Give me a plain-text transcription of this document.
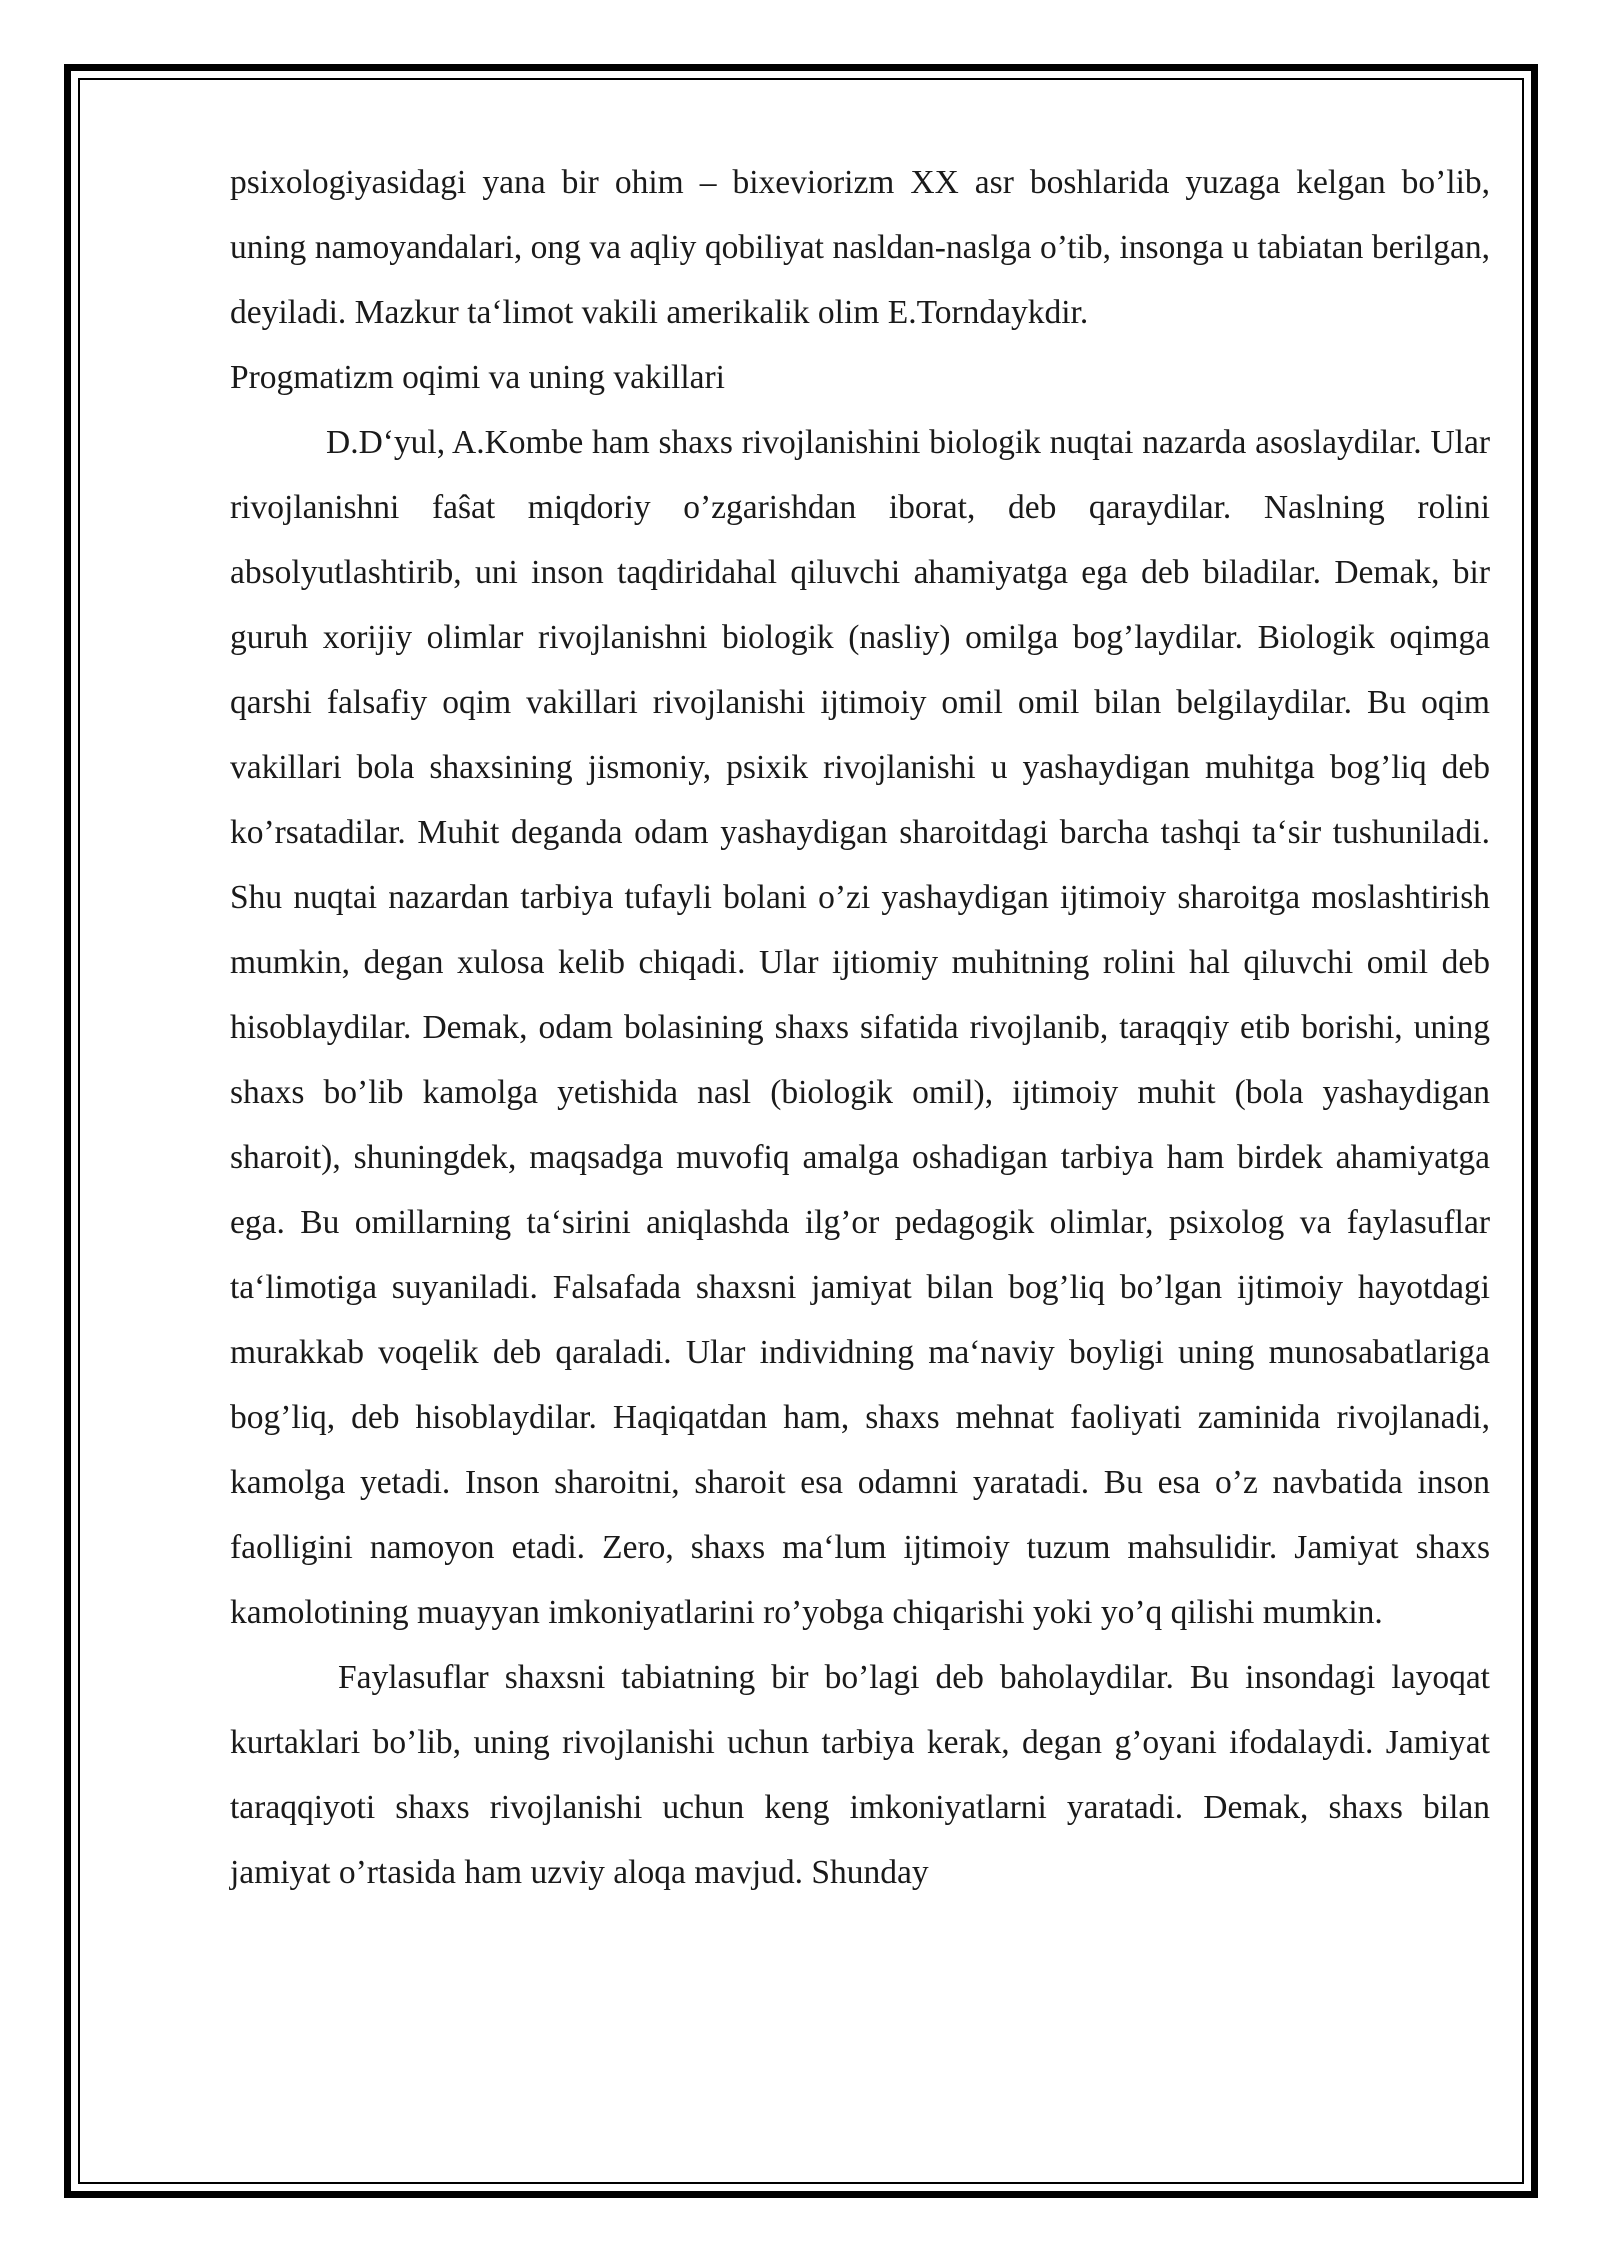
psixologiyasidagi yana bir ohim – bixeviorizm XX asr boshlarida yuzaga kelgan bo’lib, uning namoyandalari, ong va aqliy qobiliyat nasldan-naslga o’tib, insonga u tabiatan berilgan, deyiladi. Mazkur ta‘limot vakili amerikalik olim E.Torndaykdir.
Progmatizm oqimi va uning vakillari

D.D‘yul, A.Kombe ham shaxs rivojlanishini biologik nuqtai nazarda asoslaydilar. Ular rivojlanishni faŝat miqdoriy o’zgarishdan iborat, deb qaraydilar. Naslning rolini absolyutlashtirib, uni inson taqdiridahal qiluvchi ahamiyatga ega deb biladilar. Demak, bir guruh xorijiy olimlar rivojlanishni biologik (nasliy) omilga bog’laydilar. Biologik oqimga qarshi falsafiy oqim vakillari rivojlanishi ijtimoiy omil omil bilan belgilaydilar. Bu oqim vakillari bola shaxsining jismoniy, psixik rivojlanishi u yashaydigan muhitga bog’liq deb ko’rsatadilar. Muhit deganda odam yashaydigan sharoitdagi barcha tashqi ta‘sir tushuniladi. Shu nuqtai nazardan tarbiya tufayli bolani o’zi yashaydigan ijtimoiy sharoitga moslashtirish mumkin, degan xulosa kelib chiqadi. Ular ijtiomiy muhitning rolini hal qiluvchi omil deb hisoblaydilar. Demak, odam bolasining shaxs sifatida rivojlanib, taraqqiy etib borishi, uning shaxs bo’lib kamolga yetishida nasl (biologik omil), ijtimoiy muhit (bola yashaydigan sharoit), shuningdek, maqsadga muvofiq amalga oshadigan tarbiya ham birdek ahamiyatga ega. Bu omillarning ta‘sirini aniqlashda ilg’or pedagogik olimlar, psixolog va faylasuflar ta‘limotiga suyaniladi. Falsafada shaxsni jamiyat bilan bog’liq bo’lgan ijtimoiy hayotdagi murakkab voqelik deb qaraladi. Ular individning ma‘naviy boyligi uning munosabatlariga bog’liq, deb hisoblaydilar. Haqiqatdan ham, shaxs mehnat faoliyati zaminida rivojlanadi, kamolga yetadi. Inson sharoitni, sharoit esa odamni yaratadi. Bu esa o’z navbatida inson faolligini namoyon etadi. Zero, shaxs ma‘lum ijtimoiy tuzum mahsulidir. Jamiyat shaxs kamolotining muayyan imkoniyatlarini ro’yobga chiqarishi yoki yo’q qilishi mumkin.

Faylasuflar shaxsni tabiatning bir bo’lagi deb baholaydilar. Bu insondagi layoqat kurtaklari bo’lib, uning rivojlanishi uchun tarbiya kerak, degan g’oyani ifodalaydi. Jamiyat taraqqiyoti shaxs rivojlanishi uchun keng imkoniyatlarni yaratadi. Demak, shaxs bilan jamiyat o’rtasida ham uzviy aloqa mavjud. Shunday
